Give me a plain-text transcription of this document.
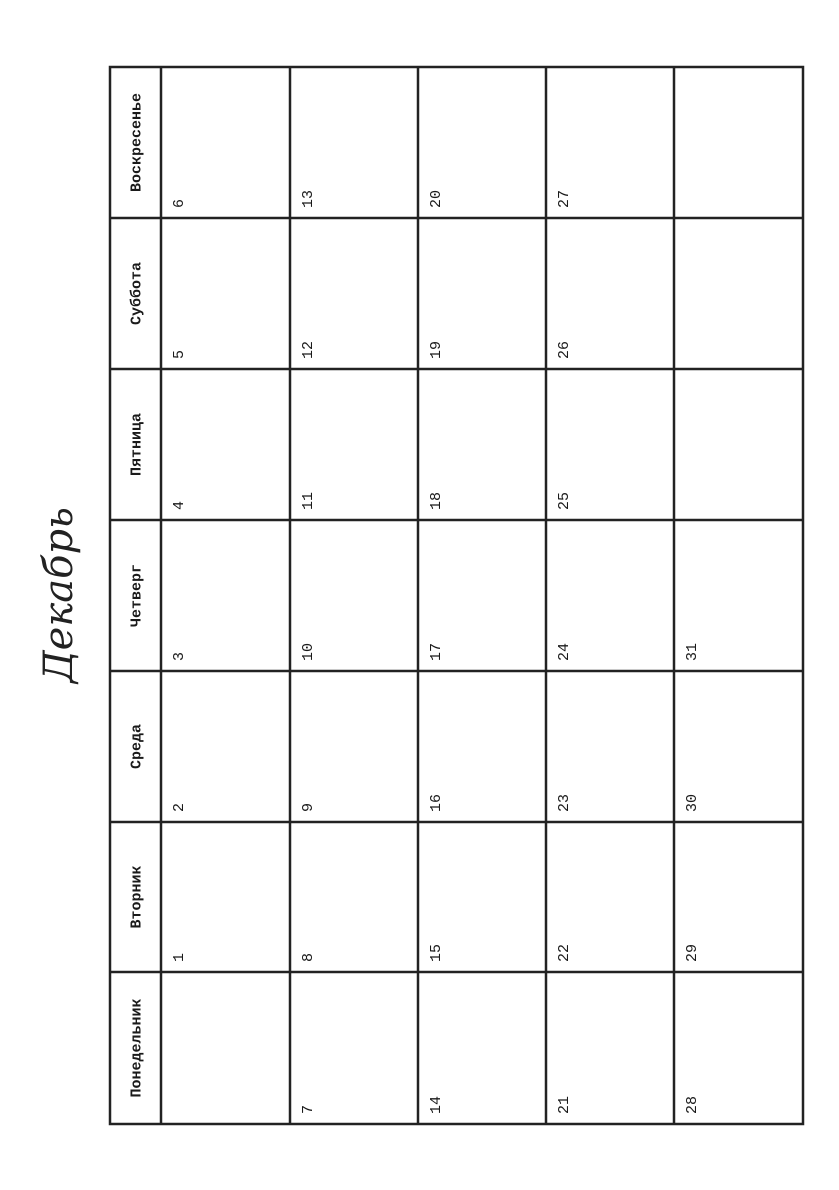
Понедельник
Вторник
Среда
Четверг
Пятница
Суббота
Воскресенье
1
2
3
4
5
6
7
8
9
10
11
12
13
14
15
16
17
18
19
20
21
22
23
24
25
26
27
28
29
30
31
Декабрь
